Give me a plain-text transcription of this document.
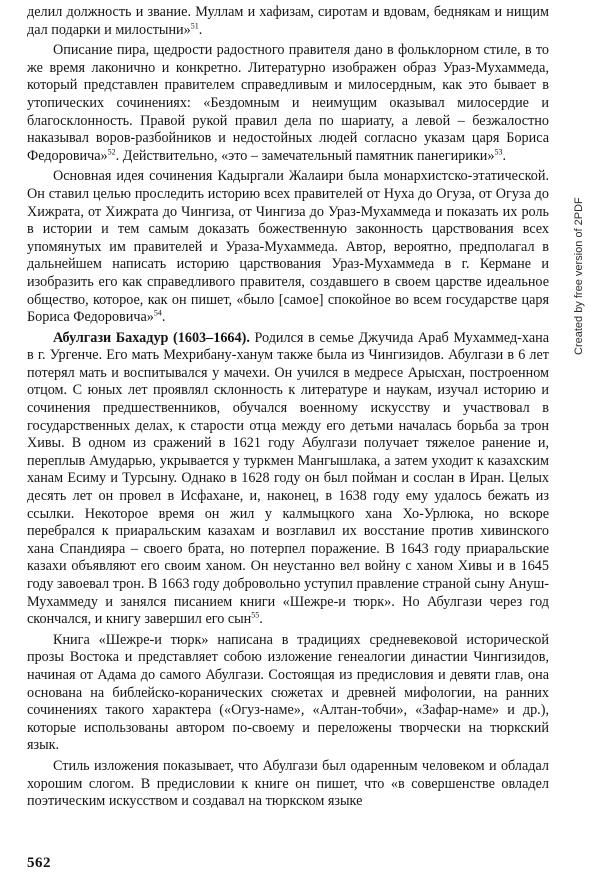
делил должность и звание. Муллам и хафизам, сиротам и вдовам, беднякам и нищим дал подарки и милостыни»$^{51}$.

Описание пира, щедрости радостного правителя дано в фольклорном стиле, в то же время лаконично и конкретно. Литературно изображен образ Ураз-Мухаммеда, который представлен правителем справедливым и милосердным, как это бывает в утопических сочинениях: «Бездомным и неимущим оказывал милосердие и благосклонность. Правой рукой правил дела по шариату, а левой – безжалостно наказывал воров-разбойников и недостойных людей согласно указам царя Бориса Федоровича»$^{52}$. Действительно, «это – замечательный памятник панегирики»$^{53}$.

Основная идея сочинения Кадыргали Жалаири была монархистско-этатической. Он ставил целью проследить историю всех правителей от Нуха до Огуза, от Огуза до Хижрата, от Хижрата до Чингиза, от Чингиза до Ураз-Мухаммеда и показать их роль в истории и тем самым доказать божественную законность царствования всех упомянутых им правителей и Ураза-Мухаммеда. Автор, вероятно, предполагал в дальнейшем написать историю царствования Ураз-Мухаммеда в г. Кермане и изобразить его как справедливого правителя, создавшего в своем царстве идеальное общество, которое, как он пишет, «было [самое] спокойное во всем государстве царя Бориса Федоровича»$^{54}$.

Абулгази Бахадур (1603–1664). Родился в семье Джучида Араб Мухаммед-хана в г. Ургенче. Его мать Мехрибану-ханум также была из Чингизидов. Абулгази в 6 лет потерял мать и воспитывался у мачехи. Он учился в медресе Арысхан, построенном отцом. С юных лет проявлял склонность к литературе и наукам, изучал историю и сочинения предшественников, обучался военному искусству и участвовал в государственных делах, к старости отца между его детьми началась борьба за трон Хивы. В одном из сражений в 1621 году Абулгази получает тяжелое ранение и, переплыв Амударью, укрывается у туркмен Мангышлака, а затем уходит к казахским ханам Есиму и Турсыну. Однако в 1628 году он был пойман и сослан в Иран. Целых десять лет он провел в Исфахане, и, наконец, в 1638 году ему удалось бежать из ссылки. Некоторое время он жил у калмыцкого хана Хо-Урлюка, но вскоре перебрался к приаральским казахам и возглавил их восстание против хивинского хана Спандияра – своего брата, но потерпел поражение. В 1643 году приаральские казахи объявляют его своим ханом. Он неустанно вел войну с ханом Хивы и в 1645 году завоевал трон. В 1663 году добровольно уступил правление страной сыну Ануш-Мухаммеду и занялся писанием книги «Шежре-и тюрк». Но Абулгази через год скончался, и книгу завершил его сын$^{55}$.

Книга «Шежре-и тюрк» написана в традициях средневековой исторической прозы Востока и представляет собою изложение генеалогии династии Чингизидов, начиная от Адама до самого Абулгази. Состоящая из предисловия и девяти глав, она основана на библейско-коранических сюжетах и древней мифологии, на ранних сочинениях такого характера («Огуз-наме», «Алтан-тобчи», «Зафар-наме» и др.), которые использованы автором по-своему и переложены творчески на тюркский язык.

Стиль изложения показывает, что Абулгази был одаренным человеком и обладал хорошим слогом. В предисловии к книге он пишет, что «в совершенстве овладел поэтическим искусством и создавал на тюркском языке

Created by free version of 2PDF
562
